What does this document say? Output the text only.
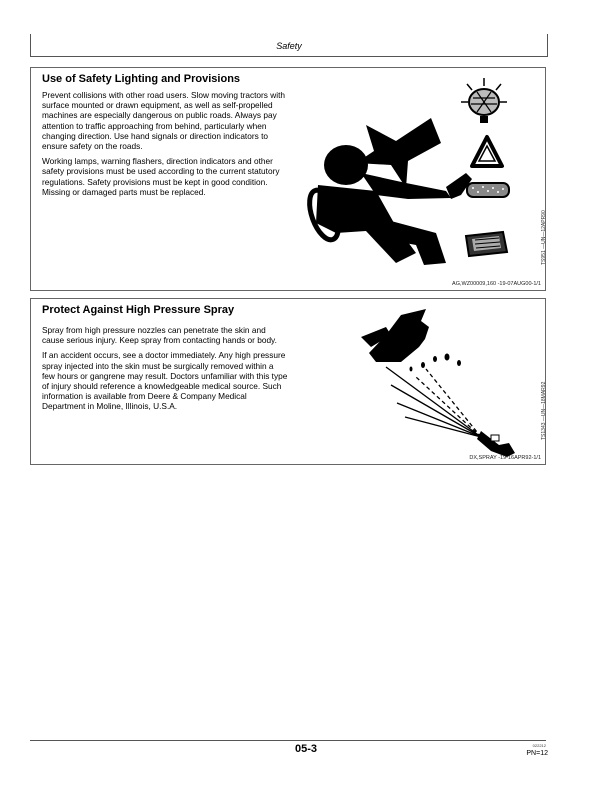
Safety
Use of Safety Lighting and Provisions

Prevent collisions with other road users. Slow moving tractors with surface mounted or drawn equipment, as well as self-propelled machines are especially dangerous on public roads. Always pay attention to traffic approaching from behind, particularly when changing direction. Use hand signals or direction indicators to ensure safety on the roads.

Working lamps, warning flashers, direction indicators and other safety provisions must be used according to the current statutory regulations. Safety provisions must be kept in good condition. Missing or damaged parts must be replaced.

TS951 —UN—12APR90
AG,WZ00009,160 -19-07AUG00-1/1
Protect Against High Pressure Spray

Spray from high pressure nozzles can penetrate the skin and cause serious injury. Keep spray from contacting hands or body.

If an accident occurs, see a doctor immediately. Any high pressure spray injected into the skin must be surgically removed within a few hours or gangrene may result. Doctors unfamiliar with this type of injury should reference a knowledgeable medical source. Such information is available from Deere & Company Medical Department in Moline, Illinois, U.S.A.	TS1343 —UN—18MAR92
DX,SPRAY -19-16APR92-1/1
05-3	022212
PN=12
